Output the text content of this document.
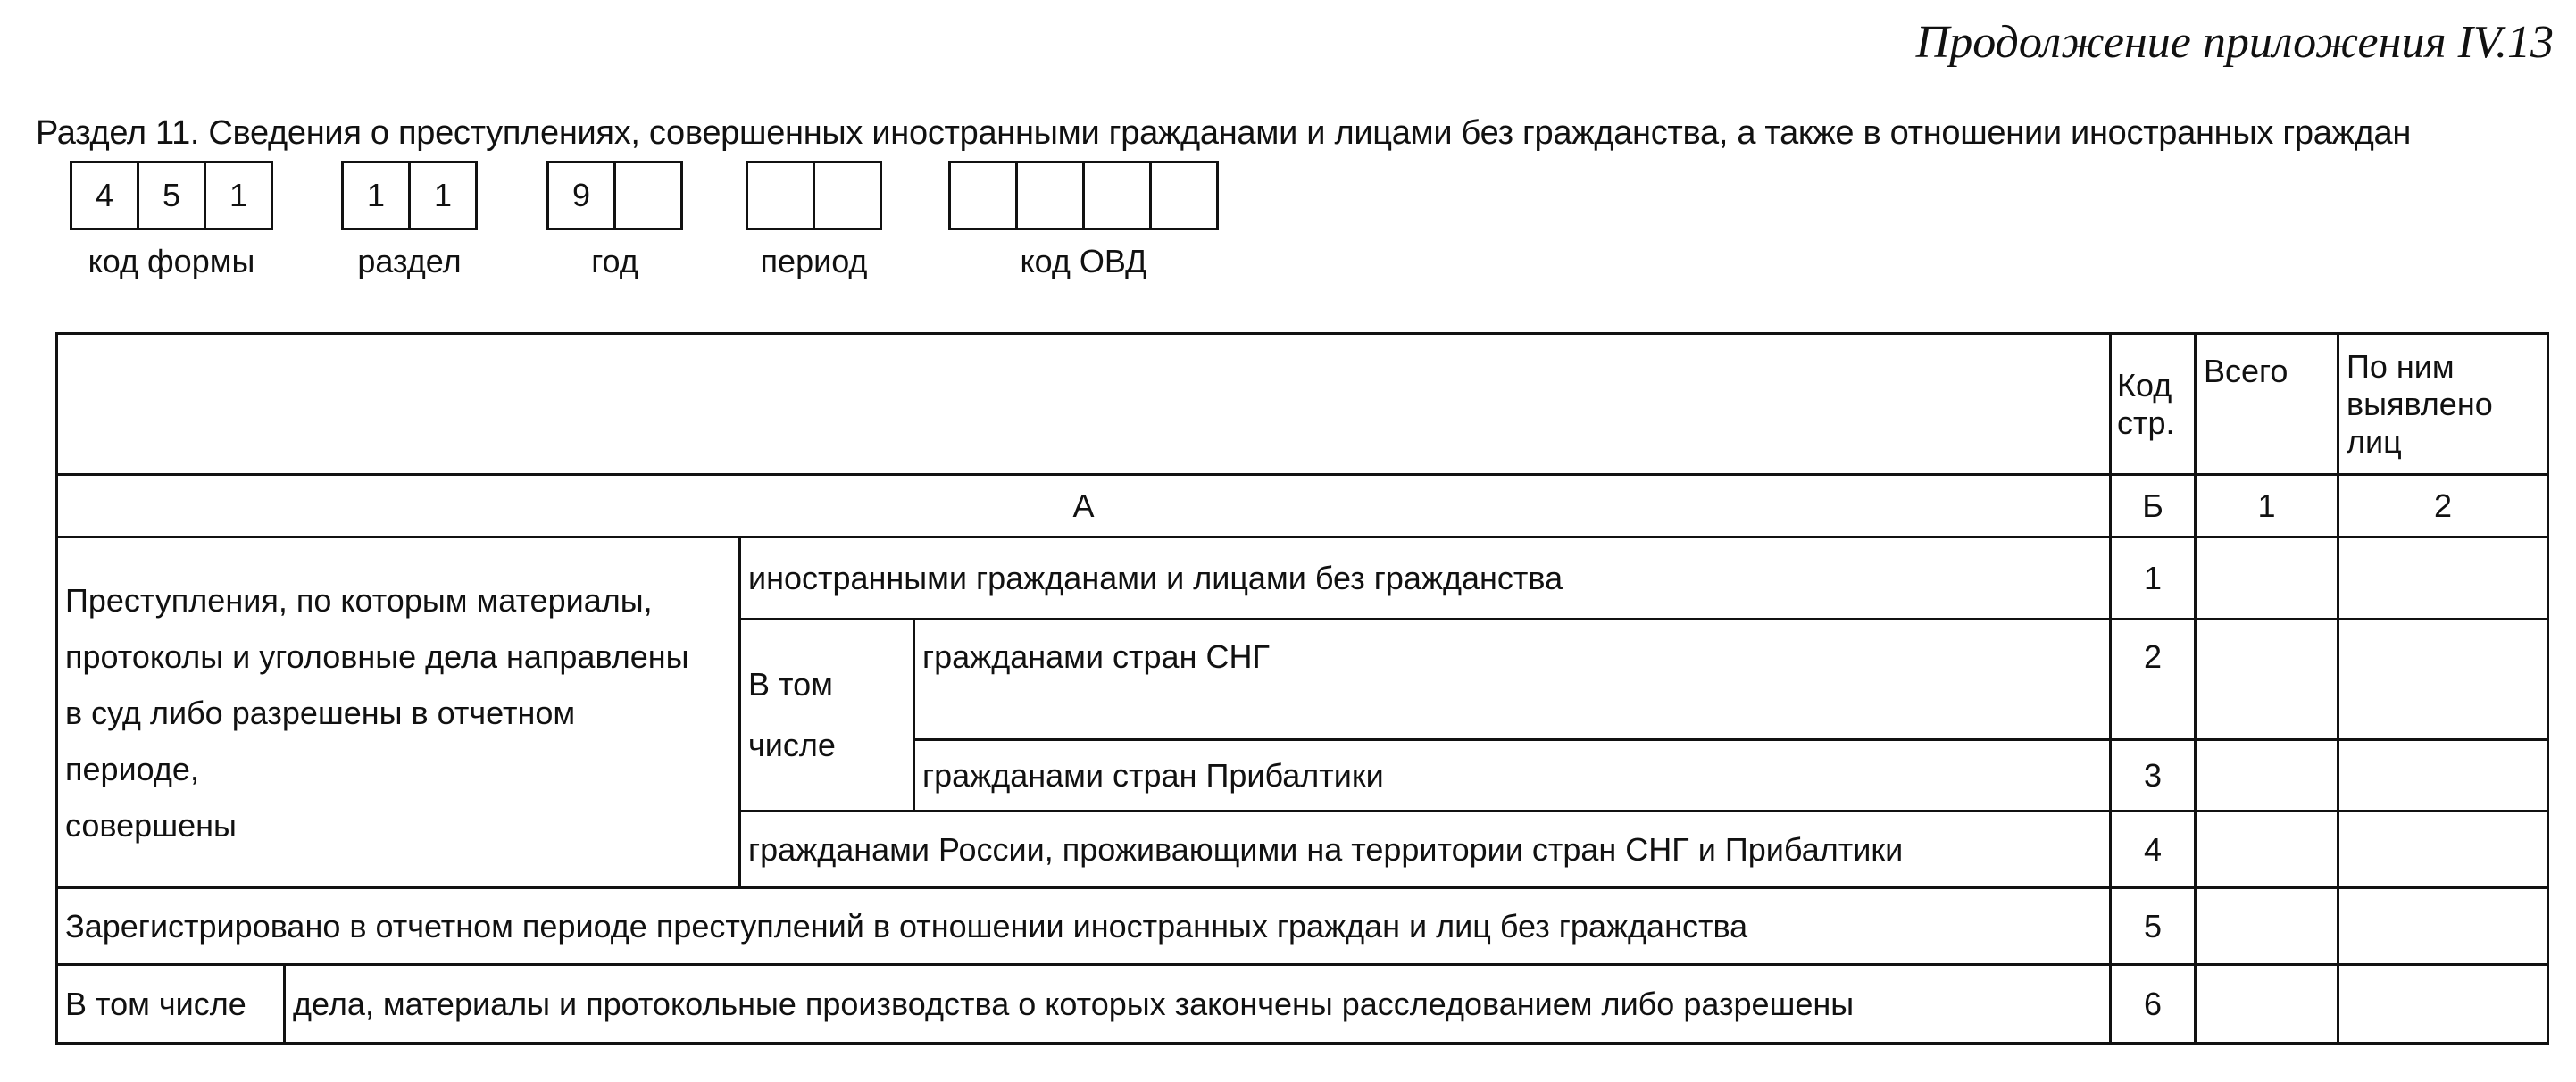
Продолжение приложения IV.13
Раздел 11. Сведения о преступлениях, совершенных иностранными гражданами и лицами без гражданства, а также в отношении иностранных граждан
4	5	1
код формы
1	1
раздел
9
год	период	код ОВД
				Код стр.	Всего	По ним выявлено лиц
А				Б	1	2

Преступления, по которым материалы,
протоколы и уголовные дела направлены
в суд либо разрешены в отчетном
периоде,
совершены		иностранными гражданами и лицами без гражданства		1		

		В том
числе	гражданами стран СНГ	2		
			гражданами стран Прибалтики	3		
		гражданами России, проживающими на территории стран СНГ и Прибалтики		4		
Зарегистрировано в отчетном периоде преступлений в отношении иностранных граждан и лиц без гражданства				5		
В том числе	дела, материалы и протокольные производства о которых закончены расследованием либо разрешены			6		
